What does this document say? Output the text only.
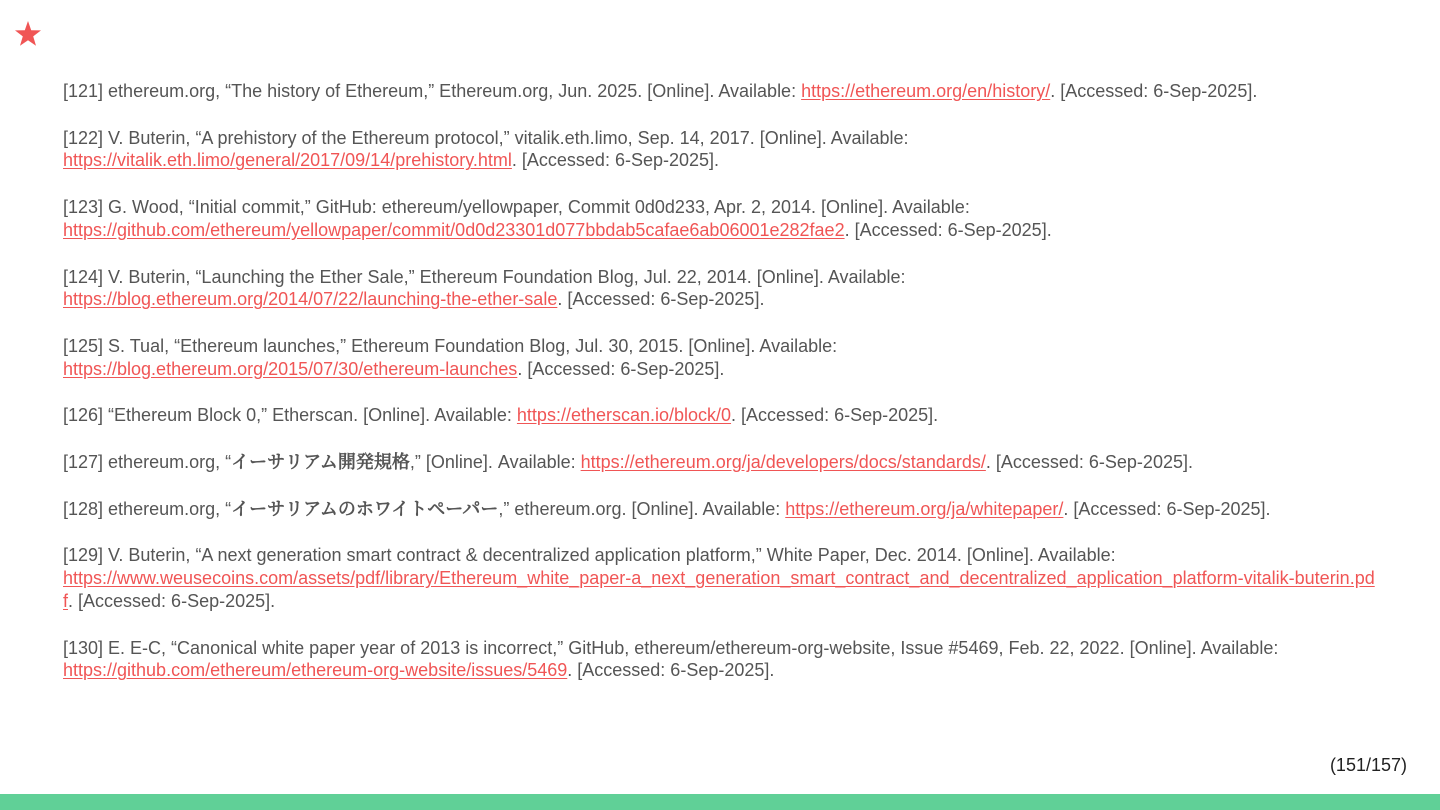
[121] ethereum.org, “The history of Ethereum,” Ethereum.org, Jun. 2025. [Online]. Available: https://ethereum.org/en/history/. [Accessed: 6-Sep-2025].

[122] V. Buterin, “A prehistory of the Ethereum protocol,” vitalik.eth.limo, Sep. 14, 2017. [Online]. Available:
https://vitalik.eth.limo/general/2017/09/14/prehistory.html. [Accessed: 6-Sep-2025].

[123] G. Wood, “Initial commit,” GitHub: ethereum/yellowpaper, Commit 0d0d233, Apr. 2, 2014. [Online]. Available:
https://github.com/ethereum/yellowpaper/commit/0d0d23301d077bbdab5cafae6ab06001e282fae2. [Accessed: 6-Sep-2025].

[124] V. Buterin, “Launching the Ether Sale,” Ethereum Foundation Blog, Jul. 22, 2014. [Online]. Available:
https://blog.ethereum.org/2014/07/22/launching-the-ether-sale. [Accessed: 6-Sep-2025].

[125] S. Tual, “Ethereum launches,” Ethereum Foundation Blog, Jul. 30, 2015. [Online]. Available:
https://blog.ethereum.org/2015/07/30/ethereum-launches. [Accessed: 6-Sep-2025].

[126] “Ethereum Block 0,” Etherscan. [Online]. Available: https://etherscan.io/block/0. [Accessed: 6-Sep-2025].

[127] ethereum.org, “イーサリアム開発規格,” [Online]. Available: https://ethereum.org/ja/developers/docs/standards/. [Accessed: 6-Sep-2025].

[128] ethereum.org, “イーサリアムのホワイトペーパー,” ethereum.org. [Online]. Available: https://ethereum.org/ja/whitepaper/. [Accessed: 6-Sep-2025].

[129] V. Buterin, “A next generation smart contract & decentralized application platform,” White Paper, Dec. 2014. [Online]. Available:
https://www.weusecoins.com/assets/pdf/library/Ethereum_white_paper-a_next_generation_smart_contract_and_decentralized_application_platform-vitalik-buterin.pdf. [Accessed: 6-Sep-2025].

[130] E. E-C, “Canonical white paper year of 2013 is incorrect,” GitHub, ethereum/ethereum-org-website, Issue #5469, Feb. 22, 2022. [Online]. Available:
https://github.com/ethereum/ethereum-org-website/issues/5469. [Accessed: 6-Sep-2025].

(151/157)
